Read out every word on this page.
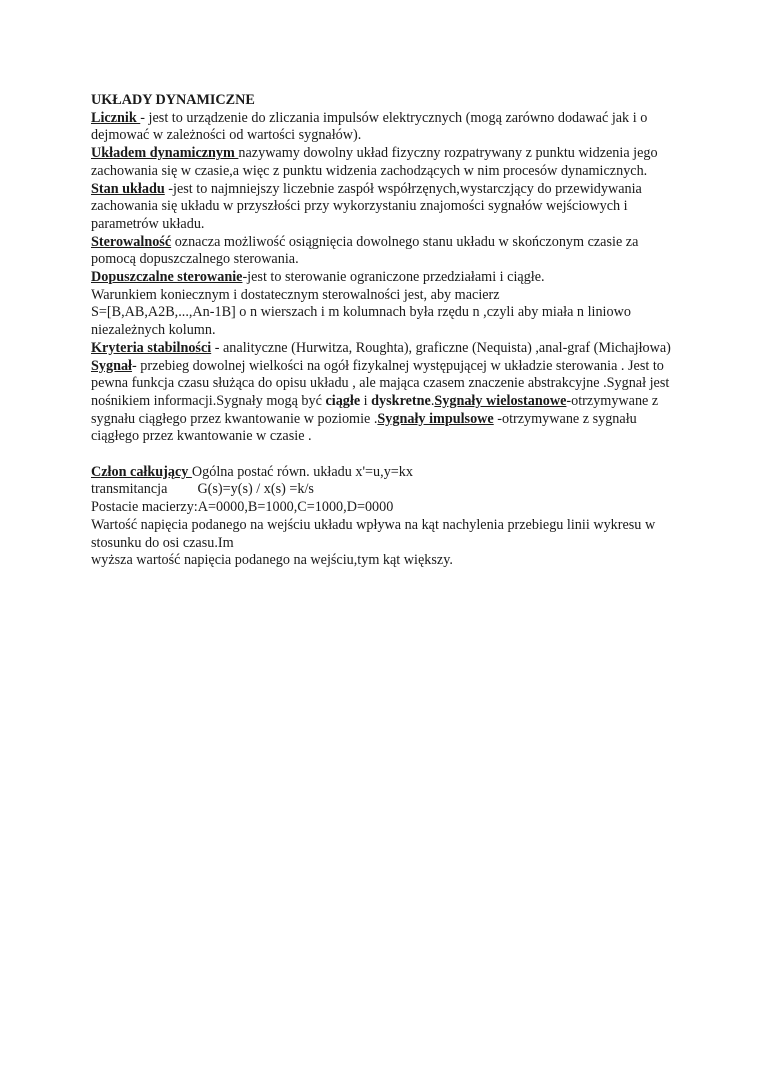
UKŁADY DYNAMICZNE

Licznik - jest to urządzenie do zliczania impulsów elektrycznych (mogą zarówno dodawać jak i o dejmować w zależności od wartości sygnałów).

Układem dynamicznym nazywamy dowolny układ fizyczny rozpatrywany z punktu widzenia jego zachowania się w czasie,a więc z punktu widzenia zachodzących w nim procesów dynamicznych.

Stan układu -jest to najmniejszy liczebnie zaspół współrzęnych,wystarczjący do przewidywania zachowania się układu w przyszłości przy wykorzystaniu znajomości sygnałów wejściowych i parametrów układu.

Sterowalność oznacza możliwość osiągnięcia dowolnego stanu układu w skończonym czasie za pomocą dopuszczalnego sterowania.

Dopuszczalne sterowanie-jest to sterowanie ograniczone przedziałami i ciągłe.

Warunkiem koniecznym i dostatecznym sterowalności jest, aby macierz

S=[B,AB,A2B,...,An-1B] o n wierszach i m kolumnach była rzędu n ,czyli aby miała n liniowo niezależnych kolumn.

Kryteria stabilności - analityczne (Hurwitza, Roughta), graficzne (Nequista) ,anal-graf (Michajłowa)

Sygnał- przebieg dowolnej wielkości na ogół fizykalnej występującej w układzie sterowania . Jest to pewna funkcja czasu służąca do opisu układu , ale mająca czasem znaczenie abstrakcyjne .Sygnał jest nośnikiem informacji.Sygnały mogą być ciągłe i dyskretne.Sygnały wielostanowe-otrzymywane z sygnału ciągłego przez kwantowanie w poziomie .Sygnały impulsowe -otrzymywane z sygnału ciągłego przez kwantowanie w czasie .

Człon całkujący Ogólna postać równ. układu x'=u,y=kx

transmitancja G(s)=y(s) / x(s) =k/s

Postacie macierzy:A=0000,B=1000,C=1000,D=0000

Wartość napięcia podanego na wejściu układu wpływa na kąt nachylenia przebiegu linii wykresu w stosunku do osi czasu.Im

wyższa wartość napięcia podanego na wejściu,tym kąt większy.
